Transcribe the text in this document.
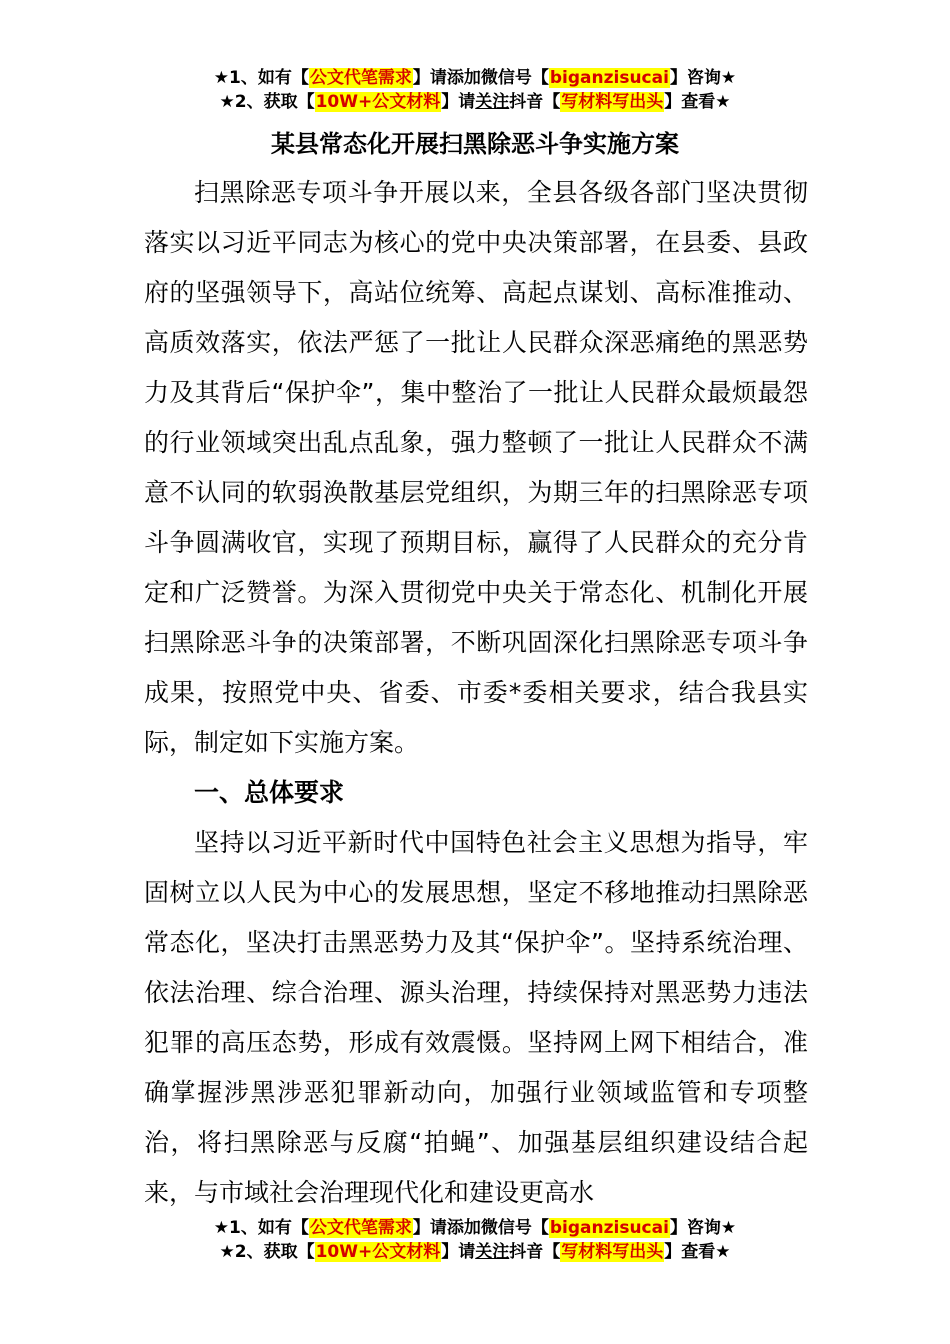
★1、如有【公文代笔需求】请添加微信号【biganzisucai】咨询★
★2、获取【10W+公文材料】请关注抖音【写材料写出头】查看★
某县常态化开展扫黑除恶斗争实施方案

扫黑除恶专项斗争开展以来，全县各级各部门坚决贯彻落实以习近平同志为核心的党中央决策部署，在县委、县政府的坚强领导下，高站位统筹、高起点谋划、高标准推动、高质效落实，依法严惩了一批让人民群众深恶痛绝的黑恶势力及其背后“保护伞”，集中整治了一批让人民群众最烦最怨的行业领域突出乱点乱象，强力整顿了一批让人民群众不满意不认同的软弱涣散基层党组织，为期三年的扫黑除恶专项斗争圆满收官，实现了预期目标，赢得了人民群众的充分肯定和广泛赞誉。为深入贯彻党中央关于常态化、机制化开展扫黑除恶斗争的决策部署，不断巩固深化扫黑除恶专项斗争成果，按照党中央、省委、市委*委相关要求，结合我县实际，制定如下实施方案。

一、总体要求

坚持以习近平新时代中国特色社会主义思想为指导，牢固树立以人民为中心的发展思想，坚定不移地推动扫黑除恶常态化，坚决打击黑恶势力及其“保护伞”。坚持系统治理、依法治理、综合治理、源头治理，持续保持对黑恶势力违法犯罪的高压态势，形成有效震慑。坚持网上网下相结合，准确掌握涉黑涉恶犯罪新动向，加强行业领域监管和专项整治，将扫黑除恶与反腐“拍蝇”、加强基层组织建设结合起来，与市域社会治理现代化和建设更高水

★1、如有【公文代笔需求】请添加微信号【biganzisucai】咨询★
★2、获取【10W+公文材料】请关注抖音【写材料写出头】查看★
